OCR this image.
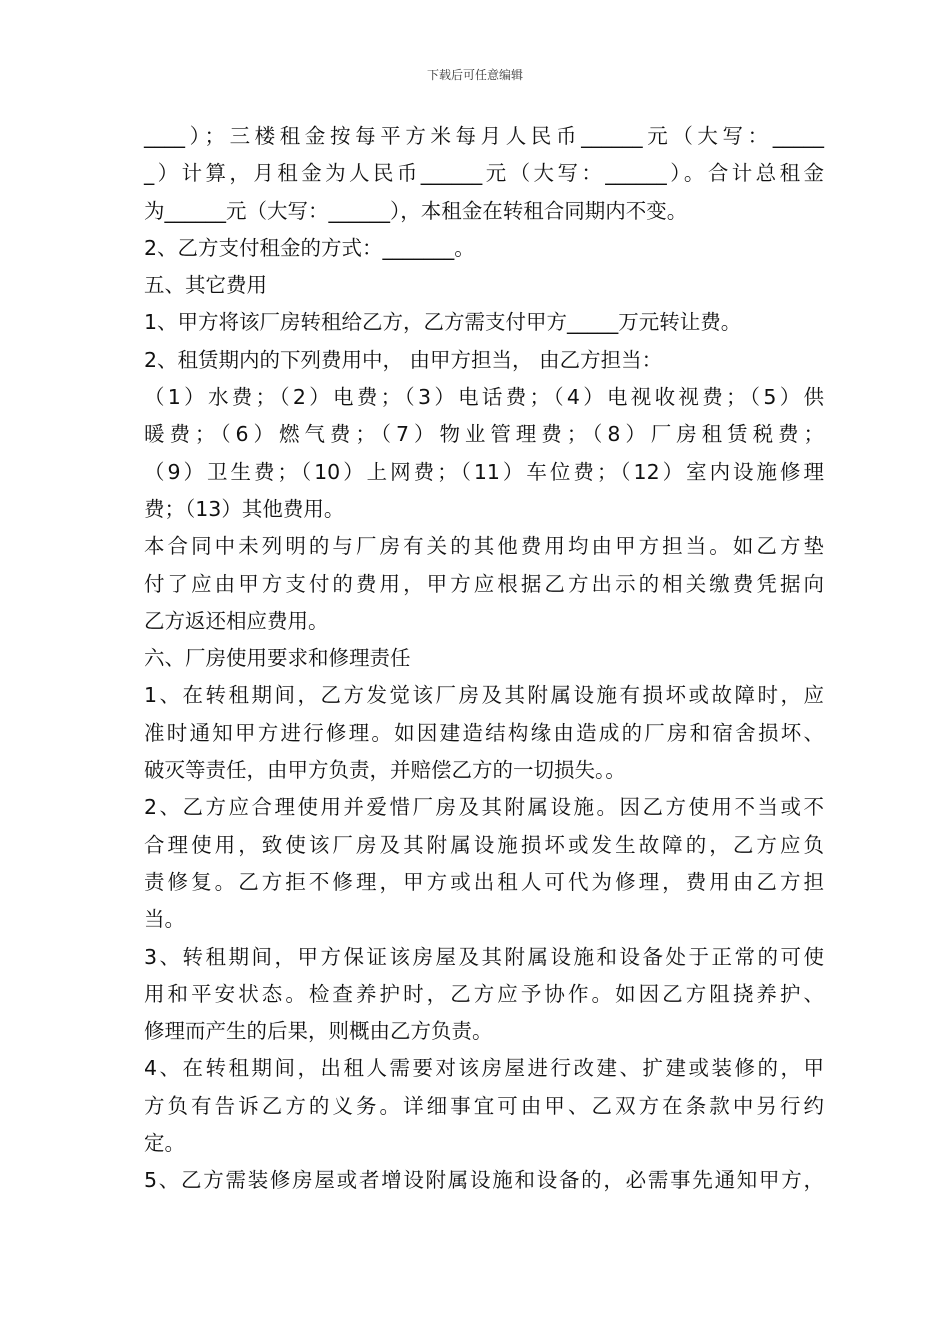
下载后可任意编辑
____）；三楼租金按每平方米每月人民币______元（大写：_____
_）计算，月租金为人民币______元（大写：______）。合计总租金
为______元（大写：______），本租金在转租合同期内不变。
2、乙方支付租金的方式：_______。
五、其它费用
1、甲方将该厂房转租给乙方，乙方需支付甲方_____万元转让费。
2、租赁期内的下列费用中， 由甲方担当， 由乙方担当：
（1）水费；（2）电费；（3）电话费；（4）电视收视费；（5）供
暖费；（6）燃气费；（7）物业管理费；（8）厂房租赁税费；
（9）卫生费；（10）上网费；（11）车位费；（12）室内设施修理
费；（13）其他费用。
本合同中未列明的与厂房有关的其他费用均由甲方担当。如乙方垫
付了应由甲方支付的费用，甲方应根据乙方出示的相关缴费凭据向
乙方返还相应费用。
六、厂房使用要求和修理责任
1、在转租期间，乙方发觉该厂房及其附属设施有损坏或故障时，应
准时通知甲方进行修理。如因建造结构缘由造成的厂房和宿舍损坏、
破灭等责任，由甲方负责，并赔偿乙方的一切损失。。
2、乙方应合理使用并爱惜厂房及其附属设施。因乙方使用不当或不
合理使用，致使该厂房及其附属设施损坏或发生故障的，乙方应负
责修复。乙方拒不修理，甲方或出租人可代为修理，费用由乙方担
当。
3、转租期间，甲方保证该房屋及其附属设施和设备处于正常的可使
用和平安状态。检查养护时，乙方应予协作。如因乙方阻挠养护、
修理而产生的后果，则概由乙方负责。
4、在转租期间，出租人需要对该房屋进行改建、扩建或装修的，甲
方负有告诉乙方的义务。详细事宜可由甲、乙双方在条款中另行约
定。
5、乙方需装修房屋或者增设附属设施和设备的，必需事先通知甲方，
